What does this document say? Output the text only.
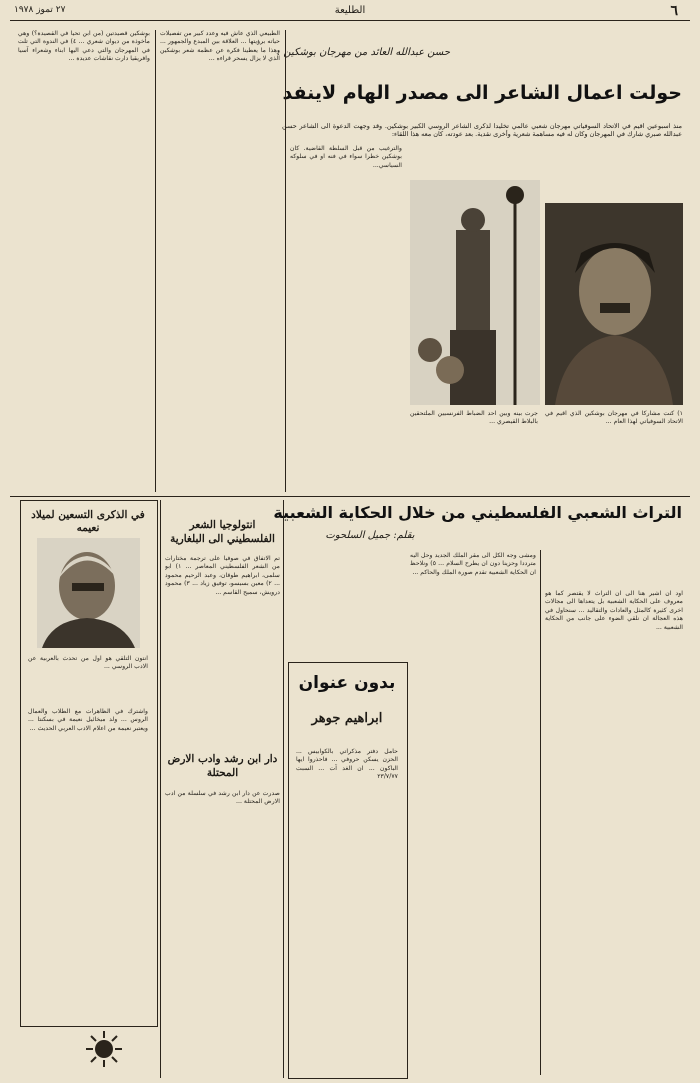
٦
الطليعة
٢٧ تموز ١٩٧٨
حسن عبدالله العائد من مهرجان بوشكين :
حولت اعمال الشاعر الى مصدر الهام لاينفد
منذ اسبوعين اقيم في الاتحاد السوفياتي مهرجان شعبي عالمي تخليدا لذكرى الشاعر الروسي الكبير بوشكين. وقد وجهت الدعوة الى الشاعر حسن عبدالله صبري شارك في المهرجان وكان له فيه مساهمة شعرية وأخرى نقدية. بعد عودته، كان معه هذا اللقاء:
١) كنت مشاركا في مهرجان بوشكين الذي اقيم في الاتحاد السوفياتي لهذا العام ...
جرت بينه وبين احد الضباط الفرنسيين الملتحقين بالبلاط القيصري ...
والترغيب من قبل السلطة القاضية. كان بوشكين خطرا سواء في فنه او في سلوكه السياسي...
الطبيعي الذي عاش فيه وعدد كبير من تفصيلات حياته برؤيتها ... العلاقة بين المبدع والجمهور ... وهذا ما يعطينا فكرة عن عظمة شعر بوشكين الذي لا يزال يسحر قراءه ...
بوشكين قصيدتين (من ابن تحيا في القصيدة؟) وهي مأخوذة من ديوان شعري ... ٤) في الندوة التي تلت في المهرجان والتي دعي اليها ابناء وشعراء آسيا وافريقيا دارت نقاشات عديدة ...
التراث الشعبي الفلسطيني من خلال الحكاية الشعبية
بقلم: جميل السلحوت
اود ان اشير هنا الى ان التراث لا يقتصر كما هو معروف على الحكاية الشعبية بل يتعداها الى مجالات اخرى كثيرة كالمثل والعادات والتقاليد ... سنحاول في هذه العجالة ان نلقي الضوء على جانب من الحكاية الشعبية ...
ومشى وجه الكل الى مقر الملك الجديد وحل اليه مترددا وحزينا دون ان يطرح السلام ... ٥) ونلاحظ ان الحكاية الشعبية تقدم صورة الملك والحاكم ...
بدون عنوان
ابراهيم جوهر
حامل دفتر مذكراتي بالكوابيس ... الحزن يسكن حروفي ... فاحذروا ايها الباكون ... ان الغد آت ... السبت ٢٣/٧/٧٧
انتولوجيا الشعر الفلسطيني الى البلغارية
تم الاتفاق في صوفيا على ترجمة مختارات من الشعر الفلسطيني المعاصر ... ١) ابو سلمى، ابراهيم طوقان، وعبد الرحيم محمود ... ٢) معين بسيسو، توفيق زياد ... ٣) محمود درويش، سميح القاسم ...
دار ابن رشد وادب الارض المحتلة
صدرت عن دار ابن رشد في سلسلة من ادب الارض المحتلة ...
في الذكرى التسعين لميلاد نعيمه
انتون التلقي هو اول من تحدث بالعربية عن الادب الروسي ...
واشترك في الظاهرات مع الطلاب والعمال الروس ... ولد ميخائيل نعيمة في بسكنتا ... ويعتبر نعيمة من اعلام الادب العربي الحديث ...
